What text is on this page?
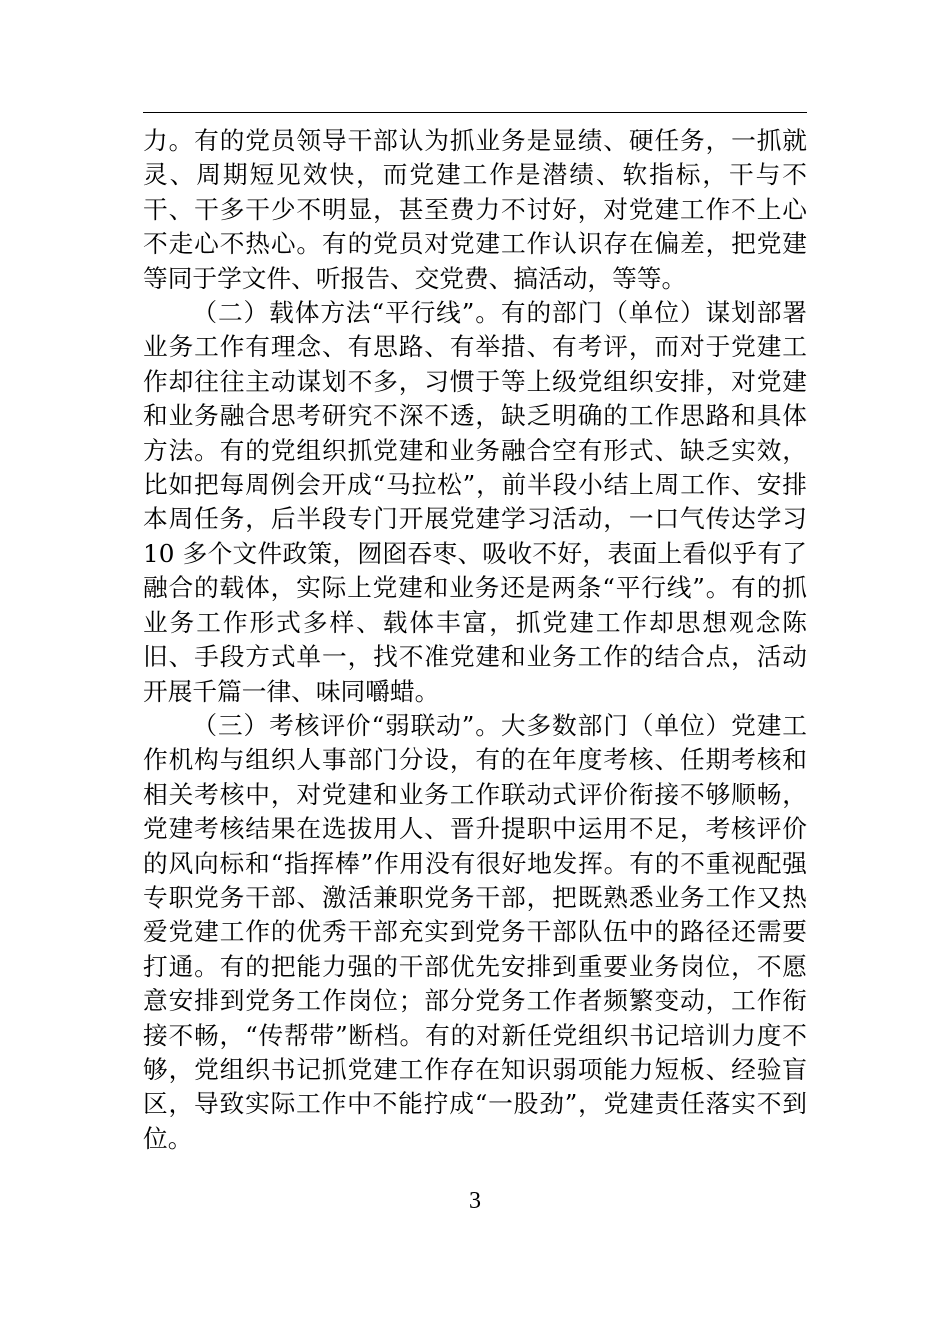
力。有的党员领导干部认为抓业务是显绩、硬任务，一抓就灵、周期短见效快，而党建工作是潜绩、软指标，干与不干、干多干少不明显，甚至费力不讨好，对党建工作不上心不走心不热心。有的党员对党建工作认识存在偏差，把党建等同于学文件、听报告、交党费、搞活动，等等。

（二）载体方法“平行线”。有的部门（单位）谋划部署业务工作有理念、有思路、有举措、有考评，而对于党建工作却往往主动谋划不多，习惯于等上级党组织安排，对党建和业务融合思考研究不深不透，缺乏明确的工作思路和具体方法。有的党组织抓党建和业务融合空有形式、缺乏实效，比如把每周例会开成“马拉松”，前半段小结上周工作、安排本周任务，后半段专门开展党建学习活动，一口气传达学习 10 多个文件政策，囫囵吞枣、吸收不好，表面上看似乎有了融合的载体，实际上党建和业务还是两条“平行线”。有的抓业务工作形式多样、载体丰富，抓党建工作却思想观念陈旧、手段方式单一，找不准党建和业务工作的结合点，活动开展千篇一律、味同嚼蜡。

（三）考核评价“弱联动”。大多数部门（单位）党建工作机构与组织人事部门分设，有的在年度考核、任期考核和相关考核中，对党建和业务工作联动式评价衔接不够顺畅，党建考核结果在选拔用人、晋升提职中运用不足，考核评价的风向标和“指挥棒”作用没有很好地发挥。有的不重视配强专职党务干部、激活兼职党务干部，把既熟悉业务工作又热爱党建工作的优秀干部充实到党务干部队伍中的路径还需要打通。有的把能力强的干部优先安排到重要业务岗位，不愿意安排到党务工作岗位；部分党务工作者频繁变动，工作衔接不畅，“传帮带”断档。有的对新任党组织书记培训力度不够，党组织书记抓党建工作存在知识弱项能力短板、经验盲区，导致实际工作中不能拧成“一股劲”，党建责任落实不到位。

3
